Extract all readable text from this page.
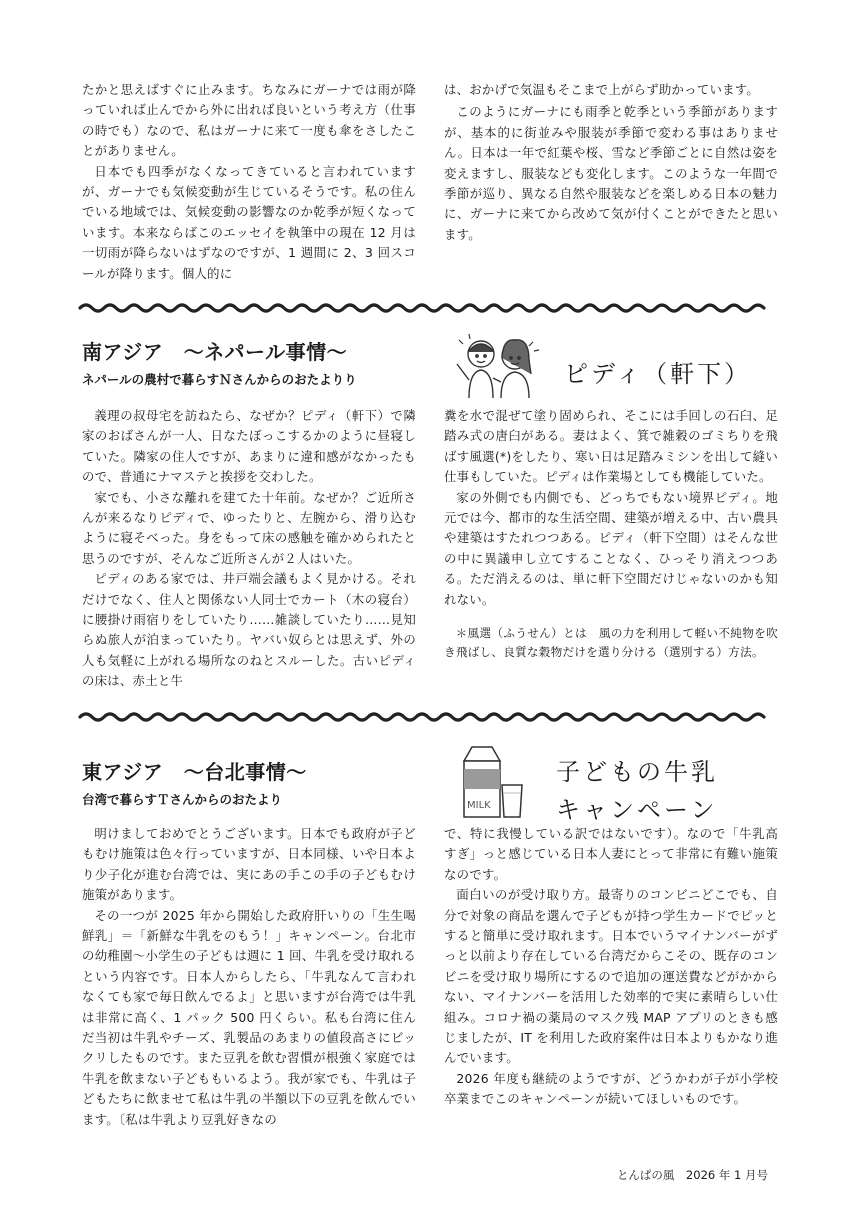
たかと思えばすぐに止みます。ちなみにガーナでは雨が降っていれば止んでから外に出れば良いという考え方（仕事の時でも）なので、私はガーナに来て一度も傘をさしたことがありません。

日本でも四季がなくなってきていると言われていますが、ガーナでも気候変動が生じているそうです。私の住んでいる地域では、気候変動の影響なのか乾季が短くなっています。本来ならばこのエッセイを執筆中の現在 12 月は一切雨が降らないはずなのですが、1 週間に 2、3 回スコールが降ります。個人的に

は、おかげで気温もそこまで上がらず助かっています。

このようにガーナにも雨季と乾季という季節がありますが、基本的に街並みや服装が季節で変わる事はありません。日本は一年で紅葉や桜、雪など季節ごとに自然は姿を変えますし、服装なども変化します。このような一年間で季節が巡り、異なる自然や服装などを楽しめる日本の魅力に、ガーナに来てから改めて気が付くことができたと思います。

南アジア　～ネパール事情～
ネパールの農村で暮らすＮさんからのおたよりり	ピディ（軒下）

義理の叔母宅を訪ねたら、なぜか？ピディ（軒下）で隣家のおばさんが一人、日なたぼっこするかのように昼寝していた。隣家の住人ですが、あまりに違和感がなかったもので、普通にナマステと挨拶を交わした。

家でも、小さな離れを建てた十年前。なぜか？ご近所さんが来るなりピディで、ゆったりと、左腕から、滑り込むように寝そべった。身をもって床の感触を確かめられたと思うのですが、そんなご近所さんが２人はいた。

ピディのある家では、井戸端会議もよく見かける。それだけでなく、住人と関係ない人同士でカート（木の寝台）に腰掛け雨宿りをしていたり……雑談していたり……見知らぬ旅人が泊まっていたり。ヤバい奴らとは思えず、外の人も気軽に上がれる場所なのねとスルーした。古いピディの床は、赤土と牛

糞を水で混ぜて塗り固められ、そこには手回しの石臼、足踏み式の唐臼がある。妻はよく、箕で雑穀のゴミちりを飛ばす風選(*)をしたり、寒い日は足踏みミシンを出して縫い仕事もしていた。ピディは作業場としても機能していた。

家の外側でも内側でも、どっちでもない境界ピディ。地元では今、都市的な生活空間、建築が増える中、古い農具や建築はすたれつつある。ピディ（軒下空間）はそんな世の中に異議申し立てすることなく、ひっそり消えつつある。ただ消えるのは、単に軒下空間だけじゃないのかも知れない。

＊風選（ふうせん）とは　風の力を利用して軽い不純物を吹き飛ばし、良質な穀物だけを選り分ける（選別する）方法。

東アジア　～台北事情～
台湾で暮らすＴさんからのおたより	MILK
子どもの牛乳
キャンペーン

明けましておめでとうございます。日本でも政府が子どもむけ施策は色々行っていますが、日本同様、いや日本より少子化が進む台湾では、実にあの手この手の子どもむけ施策があります。

その一つが 2025 年から開始した政府肝いりの「生生喝鮮乳」＝「新鮮な牛乳をのもう！」キャンペーン。台北市の幼稚園～小学生の子どもは週に 1 回、牛乳を受け取れるという内容です。日本人からしたら、「牛乳なんて言われなくても家で毎日飲んでるよ」と思いますが台湾では牛乳は非常に高く、1 パック 500 円くらい。私も台湾に住んだ当初は牛乳やチーズ、乳製品のあまりの値段高さにビックリしたものです。また豆乳を飲む習慣が根強く家庭では牛乳を飲まない子どももいるよう。我が家でも、牛乳は子どもたちに飲ませて私は牛乳の半額以下の豆乳を飲んでいます。〔私は牛乳より豆乳好きなの

で、特に我慢している訳ではないです）。なので「牛乳高すぎ」っと感じている日本人妻にとって非常に有難い施策なのです。

面白いのが受け取り方。最寄りのコンビニどこでも、自分で対象の商品を選んで子どもが持つ学生カードでピッとすると簡単に受け取れます。日本でいうマイナンバーがずっと以前より存在している台湾だからこその、既存のコンビニを受け取り場所にするので追加の運送費などがかからない、マイナンバーを活用した効率的で実に素晴らしい仕組み。コロナ禍の薬局のマスク残 MAP アプリのときも感じましたが、IT を利用した政府案件は日本よりもかなり進んでいます。

2026 年度も継続のようですが、どうかわが子が小学校卒業までこのキャンペーンが続いてほしいものです。

とんぱの風　2026 年 1 月号
